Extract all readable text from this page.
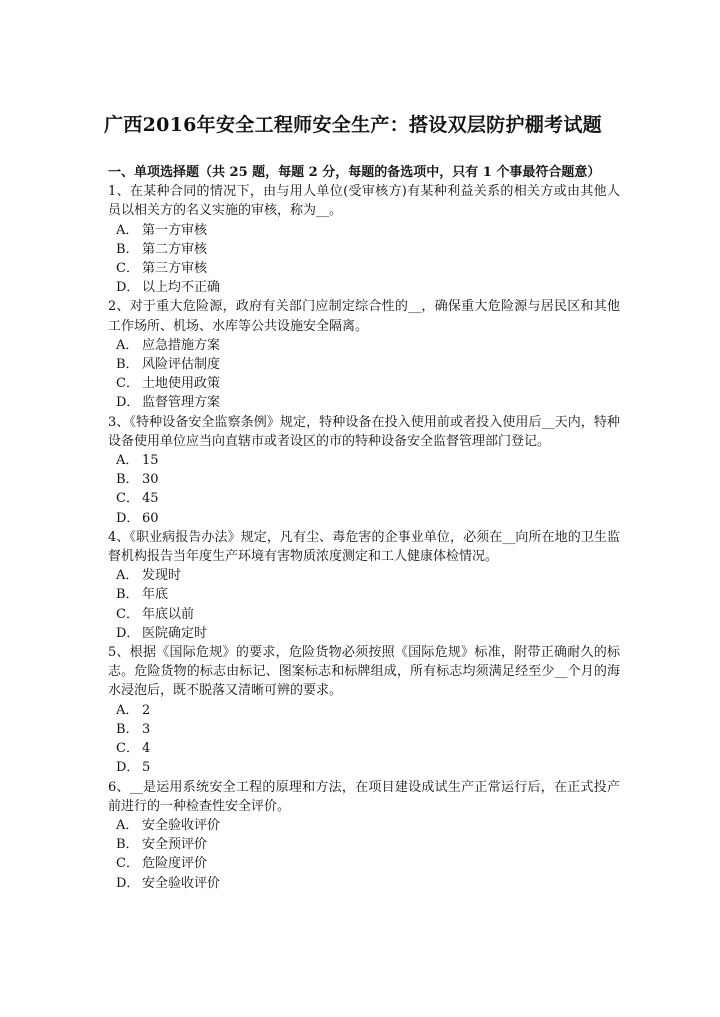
广西2016年安全工程师安全生产：搭设双层防护棚考试题
一、单项选择题（共 25 题，每题 2 分，每题的备选项中，只有 1 个事最符合题意）
1、在某种合同的情况下，由与用人单位(受审核方)有某种利益关系的相关方或由其他人员以相关方的名义实施的审核，称为__。
A． 第一方审核
B． 第二方审核
C． 第三方审核
D． 以上均不正确
2、对于重大危险源，政府有关部门应制定综合性的__，确保重大危险源与居民区和其他工作场所、机场、水库等公共设施安全隔离。
A． 应急措施方案
B． 风险评估制度
C． 土地使用政策
D． 监督管理方案
3、《特种设备安全监察条例》规定，特种设备在投入使用前或者投入使用后__天内，特种设备使用单位应当向直辖市或者设区的市的特种设备安全监督管理部门登记。
A． 15
B． 30
C． 45
D． 60
4、《职业病报告办法》规定，凡有尘、毒危害的企事业单位，必须在__向所在地的卫生监督机构报告当年度生产环境有害物质浓度测定和工人健康体检情况。
A． 发现时
B． 年底
C． 年底以前
D． 医院确定时
5、根据《国际危规》的要求，危险货物必须按照《国际危规》标准，附带正确耐久的标志。危险货物的标志由标记、图案标志和标牌组成，所有标志均须满足经至少__个月的海水浸泡后，既不脱落又清晰可辨的要求。
A． 2
B． 3
C． 4
D． 5
6、__是运用系统安全工程的原理和方法，在项目建设成试生产正常运行后，在正式投产前进行的一种检查性安全评价。
A． 安全验收评价
B． 安全预评价
C． 危险度评价
D． 安全验收评价
